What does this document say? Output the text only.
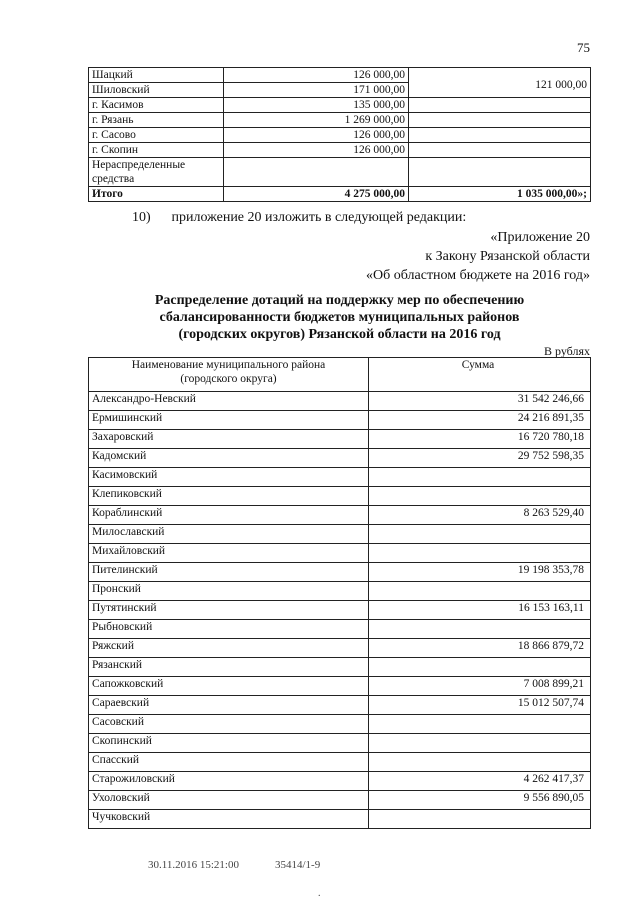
75
Шацкий	126 000,00	121 000,00
Шиловский	171 000,00	
г. Касимов	135 000,00	
г. Рязань	1 269 000,00	
г. Сасово	126 000,00	
г. Скопин	126 000,00	
Нераспределенные средства		
Итого	4 275 000,00	1 035 000,00»;
10) приложение 20 изложить в следующей редакции:
«Приложение 20
к Закону Рязанской области
«Об областном бюджете на 2016 год»
Распределение дотаций на поддержку мер по обеспечению
сбалансированности бюджетов муниципальных районов
(городских округов) Рязанской области на 2016 год
В рублях
Наименование муниципального района
(городского округа)	Сумма
Александро-Невский	31 542 246,66
Ермишинский	24 216 891,35
Захаровский	16 720 780,18
Кадомский	29 752 598,35
Касимовский	
Клепиковский	
Кораблинский	8 263 529,40
Милославский	
Михайловский	
Пителинский	19 198 353,78
Пронский	
Путятинский	16 153 163,11
Рыбновский	
Ряжский	18 866 879,72
Рязанский	
Сапожковский	7 008 899,21
Сараевский	15 012 507,74
Сасовский	
Скопинский	
Спасский	
Старожиловский	4 262 417,37
Ухоловский	9 556 890,05
Чучковский	
30.11.2016 15:21:00	35414/1-9
.
